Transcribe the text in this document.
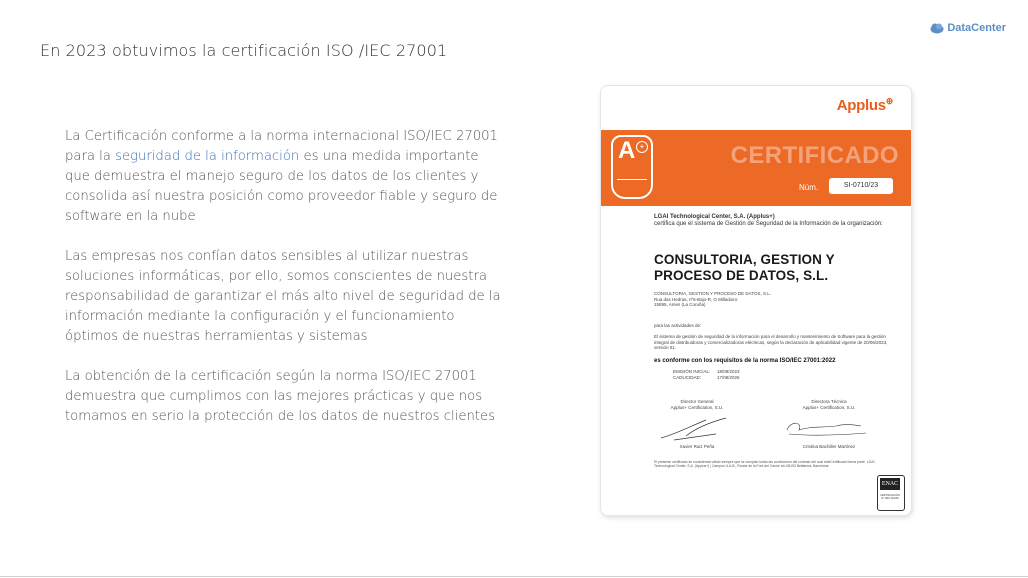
En 2023 obtuvimos la certificación ISO /IEC 27001
DataCenter

La Certificación conforme a la norma internacional ISO/IEC 27001 para la seguridad de la información es una medida importante que demuestra el manejo seguro de los datos de los clientes y consolida así nuestra posición como proveedor fiable y seguro de software en la nube

Las empresas nos confían datos sensibles al utilizar nuestras soluciones informáticas, por ello, somos conscientes de nuestra responsabilidad de garantizar el más alto nivel de seguridad de la información mediante la configuración y el funcionamiento óptimos de nuestras herramientas y sistemas

La obtención de la certificación según la norma ISO/IEC 27001 demuestra que cumplimos con las mejores prácticas y que nos tomamos en serio la protección de los datos de nuestros clientes

Applus⊕
A +	CERTIFICADO
Núm.	SI-0710/23
LGAI Technological Center, S.A. (Applus+)
certifica que el sistema de Gestión de Seguridad de la Información de la organización:
CONSULTORIA, GESTION Y PROCESO DE DATOS, S.L.
CONSULTORIA, GESTION Y PROCESO DE DATOS, S.L.
Rua das Hedras, nº5-Bajo-R, O Milladoiro
15895, Ames (La Coruña)
para las actividades de:
El sistema de gestión de seguridad de la información para el desarrollo y mantenimiento de Software para la gestión integral de distribuidoras y comercializadoras eléctricas, según la declaración de aplicabilidad vigente de 20/06/2023, versión 01.
es conforme con los requisitos de la norma ISO/IEC 27001:2022
EMISIÓN INICIAL: 18/08/2023
CADUCIDAD:	17/08/2026
Director General
Applus+ Certification, S.U.
Directora Técnica
Applus+ Certification, S.U.
Xavier Ruiz Peña	Cristina Bachiller Martínez
El presente certificado se considerará válido siempre que se cumplan todas las condiciones del contrato del cual esteCertificado forma parte. LGAI Technological Center, S.A. (Applus+) | Campus U.A.B., Ronda de la Font del Carme s/n,08193 Bellaterra, Barcelona.
ENAC
CERTIFICACIÓN Nº 18/C-SG036
